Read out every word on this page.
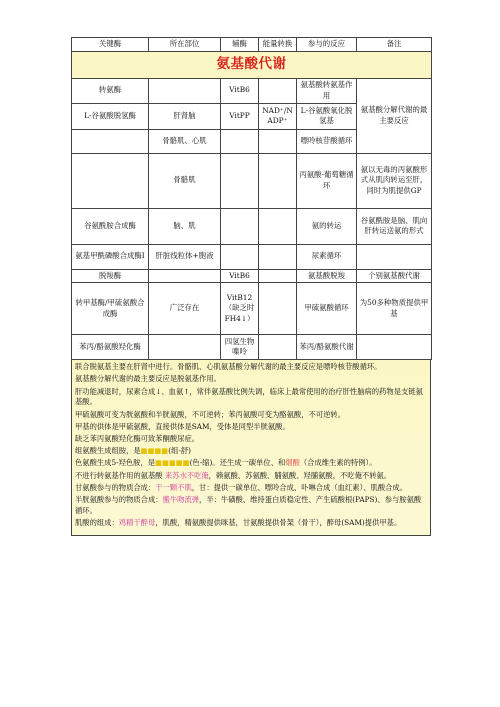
关键酶	所在部位	辅酶	能量转换	参与的反应	备注
氨基酸代谢					
转氨酶		VitB6		氨基酸转氨基作用	氨基酸分解代谢的最主要反应
L-谷氨酸脱氢酶	肝肾脑	VitPP	NAD⁺/NADP⁺	L-谷氨酸氧化脱氢基	
	骨骼肌、心肌			嘌呤核苷酸循环	
	骨骼肌			丙氨酸-葡萄糖循环	氨以无毒的丙氨酸形式从肌肉转运至肝，同时为肌提供GP
谷氨酰胺合成酶	脑、肌			氨的转运	谷氨酰胺是脑、肌向肝转运送氨的形式
氨基甲酰磷酸合成酶Ⅰ	肝脏线粒体+胞液			尿素循环	
脱羧酶		VitB6		氨基酸脱羧	个别氨基酸代谢
转甲基酶/甲硫氨酸合成酶	广泛存在	VitB12（缺乏时FH4↓）		甲硫氨酸循环	为50多种物质提供甲基
苯丙/酪氨酸羟化酶		四氢生物喋呤		苯丙/酪氨酸代谢	

联合脱氨基主要在肝肾中进行。骨骼肌、心肌氨基酸分解代谢的最主要反应是嘌呤核苷酸循环。

氨基酸分解代谢的最主要反应是脱氨基作用。

肝功能减退时，尿素合成↓、血氨↑，常伴氨基酸比例失调，临床上最常使用的治疗肝性脑病的药物是支链氨基酸。

甲硫氨酸可变为胱氨酸和半胱氨酸，不可逆转；苯丙氨酸可变为酪氨酸，不可逆转。

甲基的供体是甲硫氨酸，直接供体是SAM，受体是同型半胱氨酸。

缺乏苯丙氨酸羟化酶可致苯酮酸尿症。

组氨酸生成组胺，是■■■■(组-舒)

色氨酸生成5-羟色胺，是■■■■■(色-缩)。还生成一碳单位、和烟酸（合成维生素的特例）。

不进行转氨基作用的氨基酸 来苏水不吃俺，赖氨酸、苏氨酸、脯氨酸、羟脯氨酸，不吃俺不转氨。

甘氨酸参与的物质合成：干一颗不肌，甘：提供一碳单位、嘌呤合成、卟啉合成（血红素）、肌酸合成。

半胱氨酸参与的物质合成：搬牛吻流弹，半：牛磺酸、维持蛋白质稳定性、产生硫酸根(PAPS)、参与胺氨酸循环。

肌酸的组成：鸡精干醉母，肌酸，精氨酸提供咪基，甘氨酸提供骨架（骨干），醉母(SAM)提供甲基。
